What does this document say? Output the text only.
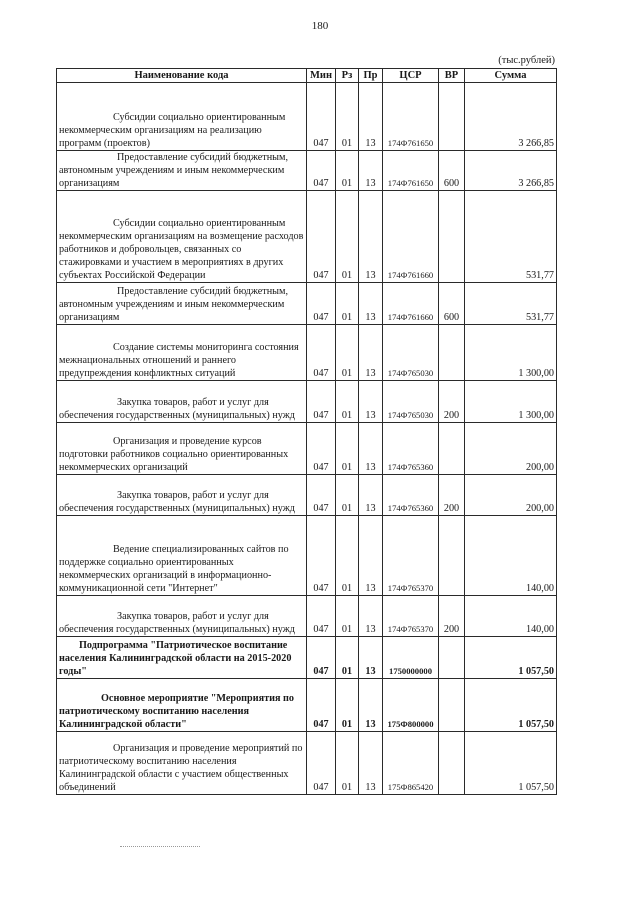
180
(тыс.рублей)
Наименование кода	Мин	Рз	Пр	ЦСР	ВР	Сумма
Субсидии социально ориентированным некоммерческим организациям на реализацию программ (проектов)	047	01	13	174Ф761650		3 266,85
Предоставление субсидий бюджетным, автономным учреждениям и иным некоммерческим организациям	047	01	13	174Ф761650	600	3 266,85
Субсидии социально ориентированным некоммерческим организациям на возмещение расходов работников и добровольцев, связанных со стажировками и участием в мероприятиях в других субъектах Российской Федерации	047	01	13	174Ф761660		531,77
Предоставление субсидий бюджетным, автономным учреждениям и иным некоммерческим организациям	047	01	13	174Ф761660	600	531,77
Создание системы мониторинга состояния межнациональных отношений и раннего предупреждения конфликтных ситуаций	047	01	13	174Ф765030		1 300,00
Закупка товаров, работ и услуг для обеспечения государственных (муниципальных) нужд	047	01	13	174Ф765030	200	1 300,00
Организация и проведение курсов подготовки работников социально ориентированных некоммерческих организаций	047	01	13	174Ф765360		200,00
Закупка товаров, работ и услуг для обеспечения государственных (муниципальных) нужд	047	01	13	174Ф765360	200	200,00
Ведение специализированных сайтов по поддержке социально ориентированных некоммерческих организаций в информационно-коммуникационной сети "Интернет"	047	01	13	174Ф765370		140,00
Закупка товаров, работ и услуг для обеспечения государственных (муниципальных) нужд	047	01	13	174Ф765370	200	140,00
Подпрограмма "Патриотическое воспитание населения Калининградской области на 2015-2020 годы"	047	01	13	1750000000		1 057,50
Основное мероприятие "Мероприятия по патриотическому воспитанию населения Калининградской области"	047	01	13	175Ф800000		1 057,50
Организация и проведение мероприятий по патриотическому воспитанию населения Калининградской области с участием общественных объединений	047	01	13	175Ф865420		1 057,50
